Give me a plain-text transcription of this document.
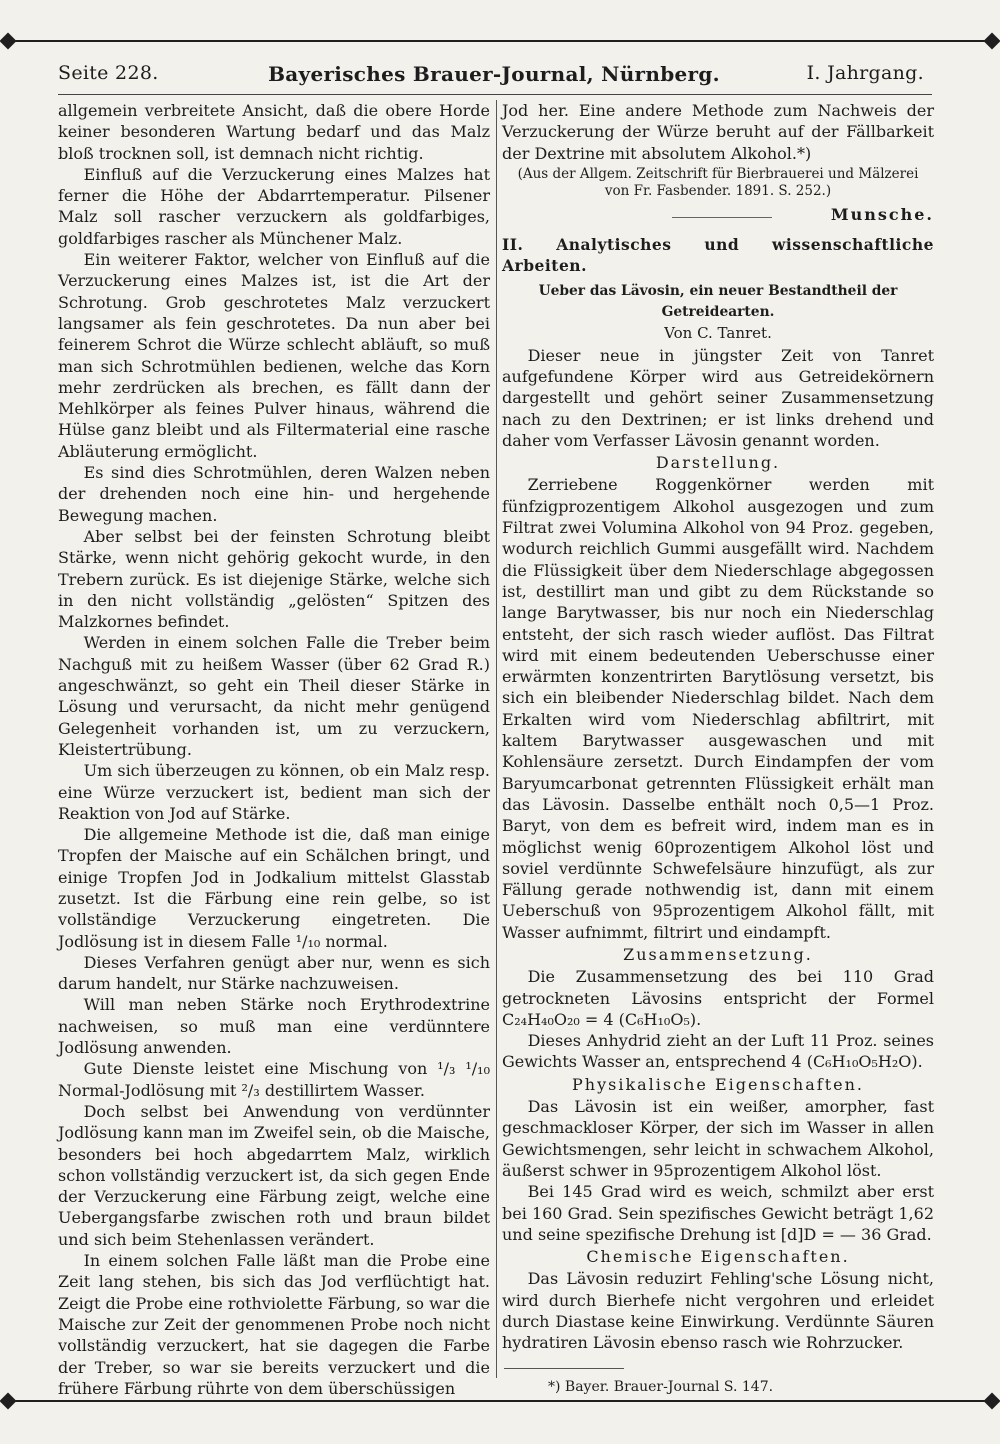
Seite 228.	Bayerisches Brauer-Journal, Nürnberg.	I. Jahrgang.

allgemein verbreitete Ansicht, daß die obere Horde keiner besonderen Wartung bedarf und das Malz bloß trocknen soll, ist demnach nicht richtig.

Einfluß auf die Verzuckerung eines Malzes hat ferner die Höhe der Abdarrtemperatur. Pilsener Malz soll rascher verzuckern als goldfarbiges, goldfarbiges rascher als Münchener Malz.

Ein weiterer Faktor, welcher von Einfluß auf die Verzuckerung eines Malzes ist, ist die Art der Schrotung. Grob geschrotetes Malz verzuckert langsamer als fein geschrotetes. Da nun aber bei feinerem Schrot die Würze schlecht abläuft, so muß man sich Schrotmühlen bedienen, welche das Korn mehr zerdrücken als brechen, es fällt dann der Mehlkörper als feines Pulver hinaus, während die Hülse ganz bleibt und als Filtermaterial eine rasche Abläuterung ermöglicht.

Es sind dies Schrotmühlen, deren Walzen neben der drehenden noch eine hin- und hergehende Bewegung machen.

Aber selbst bei der feinsten Schrotung bleibt Stärke, wenn nicht gehörig gekocht wurde, in den Trebern zurück. Es ist diejenige Stärke, welche sich in den nicht vollständig „gelösten“ Spitzen des Malzkornes befindet.

Werden in einem solchen Falle die Treber beim Nachguß mit zu heißem Wasser (über 62 Grad R.) angeschwänzt, so geht ein Theil dieser Stärke in Lösung und verursacht, da nicht mehr genügend Gelegenheit vorhanden ist, um zu verzuckern, Kleistertrübung.

Um sich überzeugen zu können, ob ein Malz resp. eine Würze verzuckert ist, bedient man sich der Reaktion von Jod auf Stärke.

Die allgemeine Methode ist die, daß man einige Tropfen der Maische auf ein Schälchen bringt, und einige Tropfen Jod in Jodkalium mittelst Glasstab zusetzt. Ist die Färbung eine rein gelbe, so ist vollständige Verzuckerung eingetreten. Die Jodlösung ist in diesem Falle ¹/₁₀ normal.

Dieses Verfahren genügt aber nur, wenn es sich darum handelt, nur Stärke nachzuweisen.

Will man neben Stärke noch Erythrodextrine nachweisen, so muß man eine verdünntere Jodlösung anwenden.

Gute Dienste leistet eine Mischung von ¹/₃ ¹/₁₀ Normal-Jodlösung mit ²/₃ destillirtem Wasser.

Doch selbst bei Anwendung von verdünnter Jodlösung kann man im Zweifel sein, ob die Maische, besonders bei hoch abgedarrtem Malz, wirklich schon vollständig verzuckert ist, da sich gegen Ende der Verzuckerung eine Färbung zeigt, welche eine Uebergangsfarbe zwischen roth und braun bildet und sich beim Stehenlassen verändert.

In einem solchen Falle läßt man die Probe eine Zeit lang stehen, bis sich das Jod verflüchtigt hat. Zeigt die Probe eine rothviolette Färbung, so war die Maische zur Zeit der genommenen Probe noch nicht vollständig verzuckert, hat sie dagegen die Farbe der Treber, so war sie bereits verzuckert und die frühere Färbung rührte von dem überschüssigen

Jod her. Eine andere Methode zum Nachweis der Verzuckerung der Würze beruht auf der Fällbarkeit der Dextrine mit absolutem Alkohol.*)

(Aus der Allgem. Zeitschrift für Bierbrauerei und Mälzerei
von Fr. Fasbender. 1891. S. 252.)
Munsche.

II. Analytisches und wissenschaftliche Arbeiten.

Ueber das Lävosin, ein neuer Bestandtheil der Getreidearten.

Von C. Tanret.

Dieser neue in jüngster Zeit von Tanret aufgefundene Körper wird aus Getreidekörnern dargestellt und gehört seiner Zusammensetzung nach zu den Dextrinen; er ist links drehend und daher vom Verfasser Lävosin genannt worden.

Darstellung.

Zerriebene Roggenkörner werden mit fünfzigprozentigem Alkohol ausgezogen und zum Filtrat zwei Volumina Alkohol von 94 Proz. gegeben, wodurch reichlich Gummi ausgefällt wird. Nachdem die Flüssigkeit über dem Niederschlage abgegossen ist, destillirt man und gibt zu dem Rückstande so lange Barytwasser, bis nur noch ein Niederschlag entsteht, der sich rasch wieder auflöst. Das Filtrat wird mit einem bedeutenden Ueberschusse einer erwärmten konzentrirten Barytlösung versetzt, bis sich ein bleibender Niederschlag bildet. Nach dem Erkalten wird vom Niederschlag abfiltrirt, mit kaltem Barytwasser ausgewaschen und mit Kohlensäure zersetzt. Durch Eindampfen der vom Baryumcarbonat getrennten Flüssigkeit erhält man das Lävosin. Dasselbe enthält noch 0,5—1 Proz. Baryt, von dem es befreit wird, indem man es in möglichst wenig 60prozentigem Alkohol löst und soviel verdünnte Schwefelsäure hinzufügt, als zur Fällung gerade nothwendig ist, dann mit einem Ueberschuß von 95prozentigem Alkohol fällt, mit Wasser aufnimmt, filtrirt und eindampft.

Zusammensetzung.

Die Zusammensetzung des bei 110 Grad getrockneten Lävosins entspricht der Formel C₂₄H₄₀O₂₀ = 4 (C₆H₁₀O₅).

Dieses Anhydrid zieht an der Luft 11 Proz. seines Gewichts Wasser an, entsprechend 4 (C₆H₁₀O₅H₂O).

Physikalische Eigenschaften.

Das Lävosin ist ein weißer, amorpher, fast geschmackloser Körper, der sich im Wasser in allen Gewichtsmengen, sehr leicht in schwachem Alkohol, äußerst schwer in 95prozentigem Alkohol löst.

Bei 145 Grad wird es weich, schmilzt aber erst bei 160 Grad. Sein spezifisches Gewicht beträgt 1,62 und seine spezifische Drehung ist [d]D = — 36 Grad.

Chemische Eigenschaften.

Das Lävosin reduzirt Fehling'sche Lösung nicht, wird durch Bierhefe nicht vergohren und erleidet durch Diastase keine Einwirkung. Verdünnte Säuren hydratiren Lävosin ebenso rasch wie Rohrzucker.

*) Bayer. Brauer-Journal S. 147.
